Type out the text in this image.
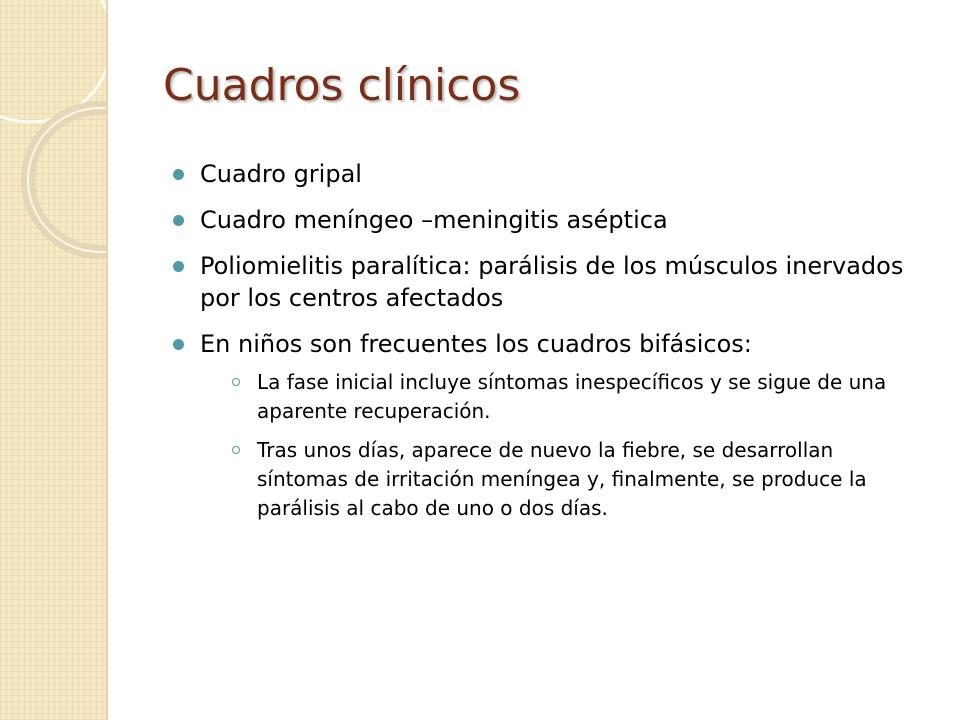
Cuadros clínicos
Cuadro gripal
Cuadro meníngeo –meningitis aséptica
Poliomielitis paralítica: parálisis de los músculos inervados por los centros afectados
En niños son frecuentes los cuadros bifásicos:
La fase inicial incluye síntomas inespecíficos y se sigue de una aparente recuperación.
Tras unos días, aparece de nuevo la fiebre, se desarrollan síntomas de irritación meníngea y, finalmente, se produce la parálisis al cabo de uno o dos días.
